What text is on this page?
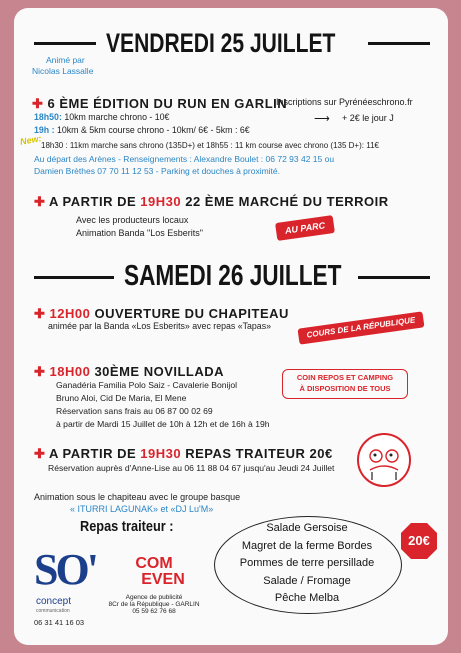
VENDREDI 25 JUILLET
Animé par
Nicolas Lassalle
✚ 6 ÈME ÉDITION DU RUN EN GARLIN
Inscriptions sur Pyrénéeschrono.fr
⟶ + 2€ le jour J
18h50: 10km marche chrono - 10€
19h : 10km & 5km course chrono - 10km/ 6€ - 5km : 6€
New:
18h30 : 11km marche sans chrono (135D+) et 18h55 : 11 km course avec chrono (135 D+): 11€
Au départ des Arènes - Renseignements : Alexandre Boulet : 06 72 93 42 15 ou
Damien Brèthes 07 70 11 12 53 - Parking et douches à proximité.
✚ A PARTIR DE 19H30 22 ÈME MARCHÉ DU TERROIR
Avec les producteurs locaux
Animation Banda "Los Esberits"	AU PARC
SAMEDI 26 JUILLET
✚ 12H00 OUVERTURE DU CHAPITEAU
animée par la Banda «Los Esberits» avec repas «Tapas»	COURS DE LA RÉPUBLIQUE
✚ 18H00 30ÈME NOVILLADA
Ganadéria Familia Polo Saiz - Cavalerie Bonijol
Bruno Aloi, Cid De Maria, El Mene
Réservation sans frais au 06 87 00 02 69
à partir de Mardi 15 Juillet de 10h à 12h et de 16h à 19h
COIN REPOS ET CAMPING
À DISPOSITION DE TOUS
✚ A PARTIR DE 19H30 REPAS TRAITEUR 20€
Réservation auprès d'Anne-Lise au 06 11 88 04 67 jusqu'au Jeudi 24 Juillet
Animation sous le chapiteau avec le groupe basque
« ITURRI LAGUNAK» et «DJ Lu'M»
Repas traiteur :	Salade Gersoise
Magret de la ferme Bordes
Pommes de terre persillade
Salade / Fromage
Pêche Melba
20€
SO'
concept
communication
06 31 41 16 03
COM
EVEN
Agence de publicité
8Cr de la République - GARLIN
05 59 62 76 68
